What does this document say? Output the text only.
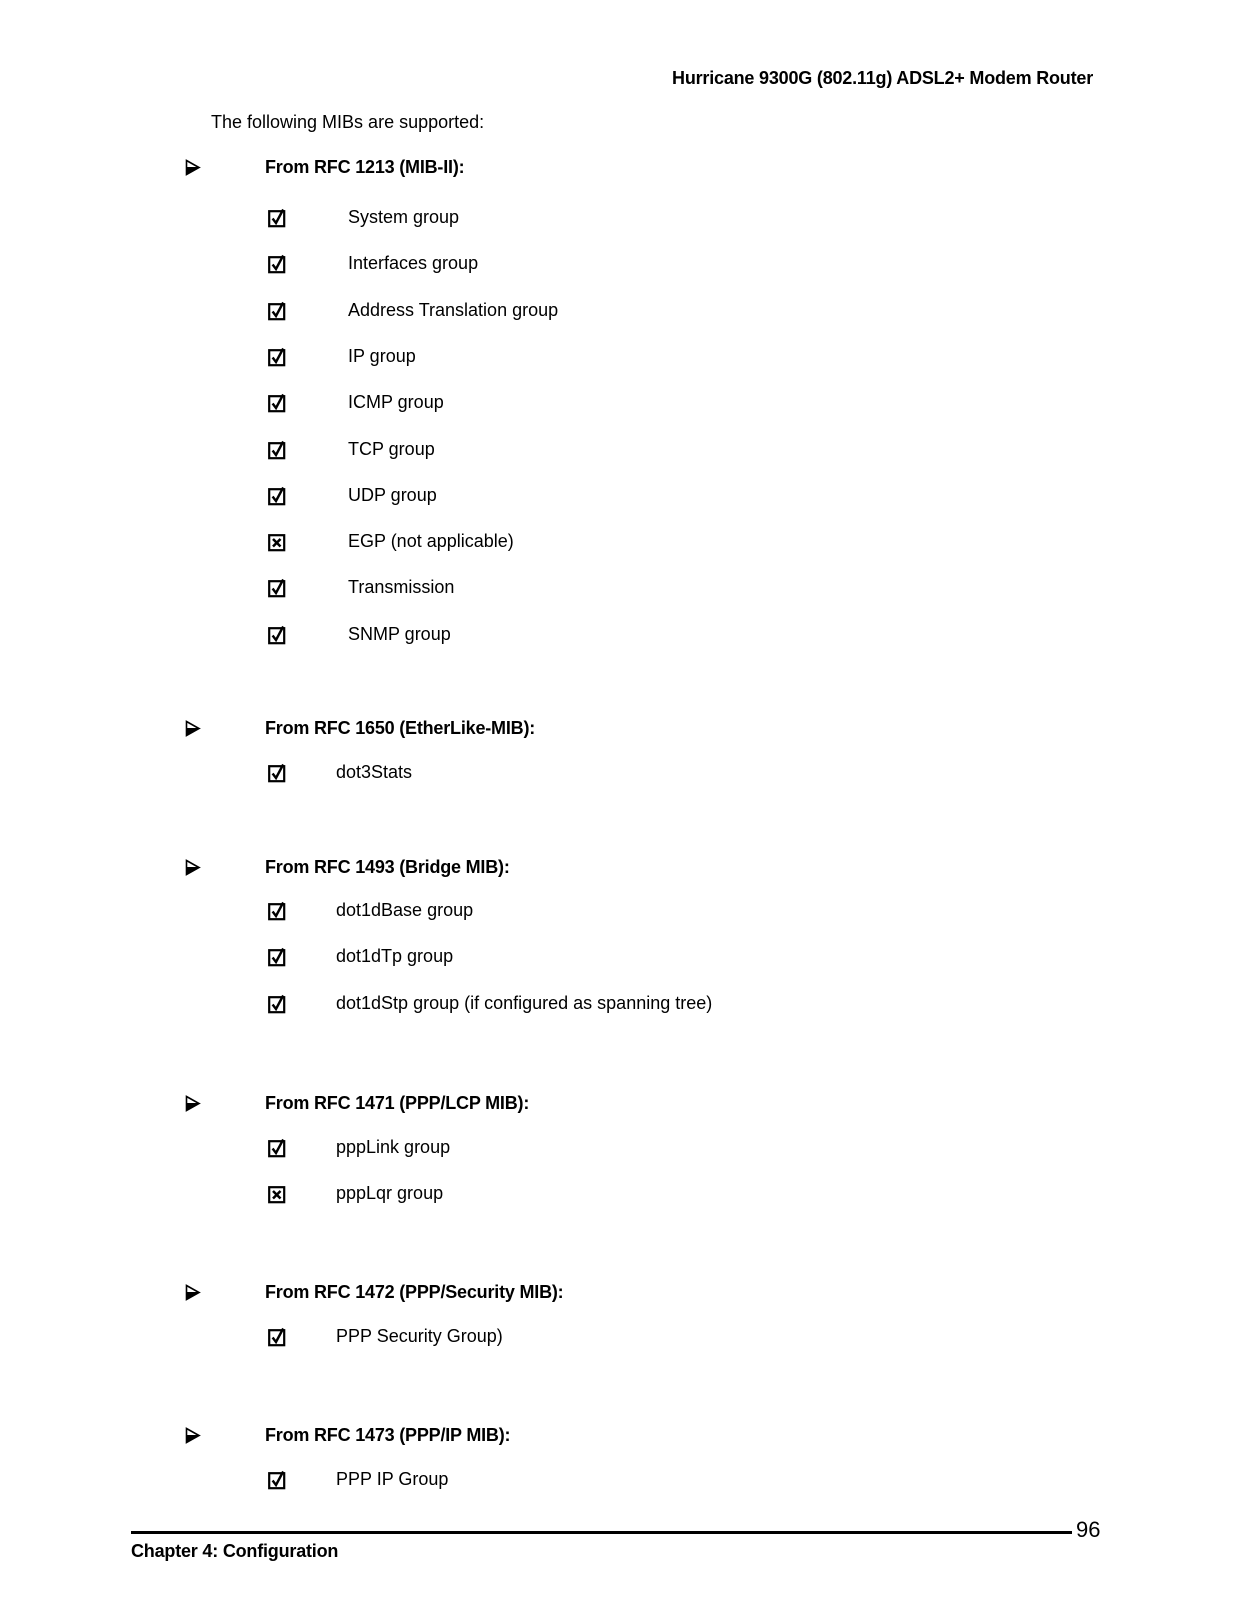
Hurricane 9300G (802.11g) ADSL2+ Modem Router
The following MIBs are supported:
From RFC 1213 (MIB-II):
System group
Interfaces group
Address Translation group
IP group
ICMP group
TCP group
UDP group
EGP (not applicable)
Transmission
SNMP group
From RFC 1650 (EtherLike-MIB):
dot3Stats
From RFC 1493 (Bridge MIB):
dot1dBase group
dot1dTp group
dot1dStp group (if configured as spanning tree)
From RFC 1471 (PPP/LCP MIB):
pppLink group
pppLqr group
From RFC 1472 (PPP/Security MIB):
PPP Security Group)
From RFC 1473 (PPP/IP MIB):
PPP IP Group
96
Chapter 4: Configuration
